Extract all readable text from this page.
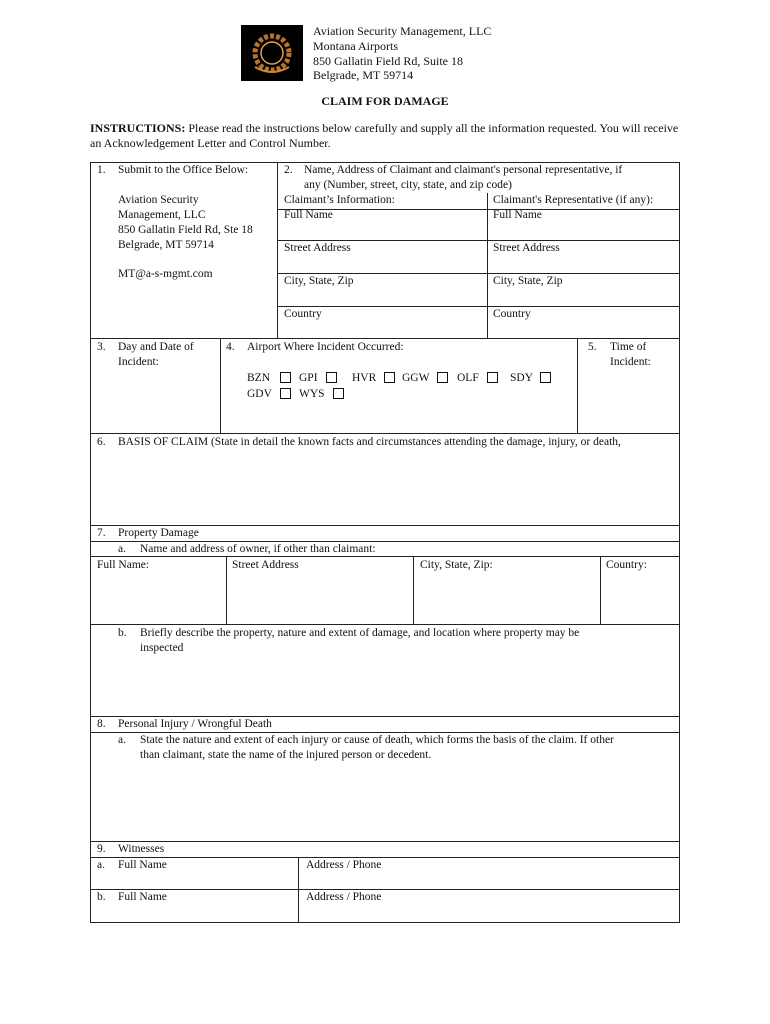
Aviation Security Management, LLC
Montana Airports
850 Gallatin Field Rd, Suite 18
Belgrade, MT 59714
CLAIM FOR DAMAGE
INSTRUCTIONS: Please read the instructions below carefully and supply all the information requested. You will receive an Acknowledgement Letter and Control Number.
1. Submit to the Office Below:
Aviation Security
Management, LLC
850 Gallatin Field Rd, Ste 18
Belgrade, MT 59714
MT@a-s-mgmt.com
2. Name, Address of Claimant and claimant's personal representative, if
any (Number, street, city, state, and zip code)
Claimant’s Information:	Claimant's Representative (if any):
Full Name	Full Name
Street Address	Street Address
City, State, Zip	City, State, Zip
Country	Country
3. Day and Date of
Incident:
4. Airport Where Incident Occurred:
BZN	GPI	HVR GGW OLF	SDY
GDV WYS
5. Time of
Incident:
6. BASIS OF CLAIM (State in detail the known facts and circumstances attending the damage, injury, or death,
7. Property Damage
a. Name and address of owner, if other than claimant:
Full Name:	Street Address	City, State, Zip:	Country:
b. Briefly describe the property, nature and extent of damage, and location where property may be
inspected
8. Personal Injury / Wrongful Death
a. State the nature and extent of each injury or cause of death, which forms the basis of the claim. If other
than claimant, state the name of the injured person or decedent.
9. Witnesses
a. Full Name	Address / Phone
b. Full Name	Address / Phone
